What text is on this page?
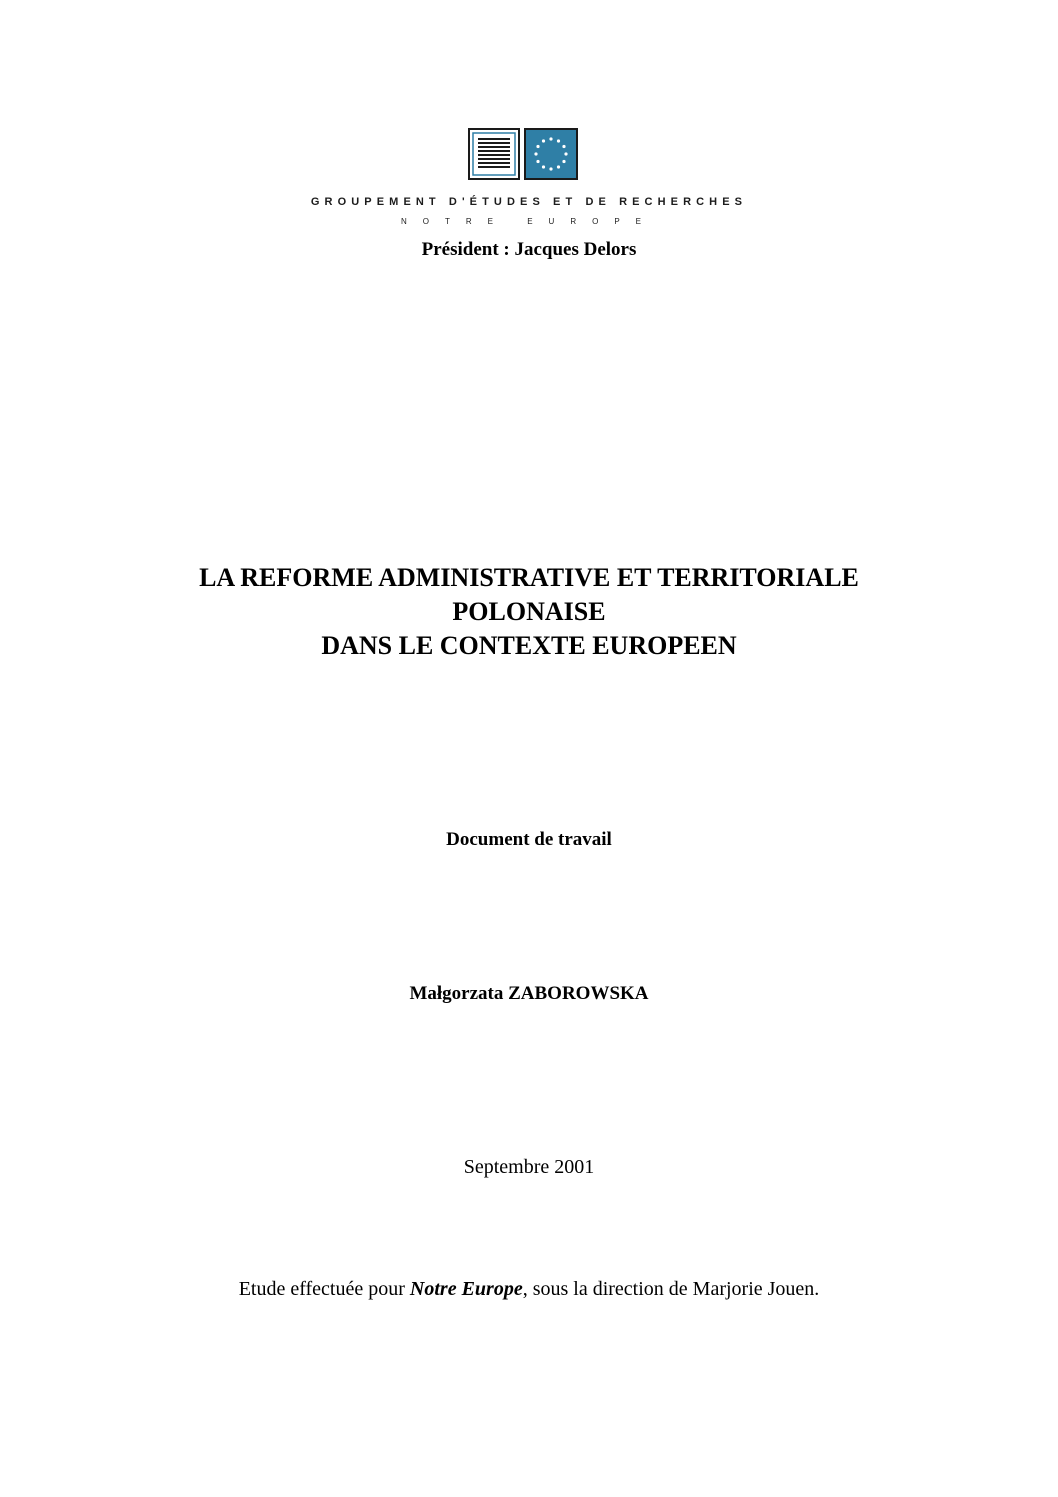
GROUPEMENT D'ÉTUDES ET DE RECHERCHES
NOTRE EUROPE
Président : Jacques Delors
LA REFORME ADMINISTRATIVE ET TERRITORIALE
POLONAISE
DANS LE CONTEXTE EUROPEEN
Document de travail
Małgorzata ZABOROWSKA
Septembre 2001
Etude effectuée pour Notre Europe, sous la direction de Marjorie Jouen.
